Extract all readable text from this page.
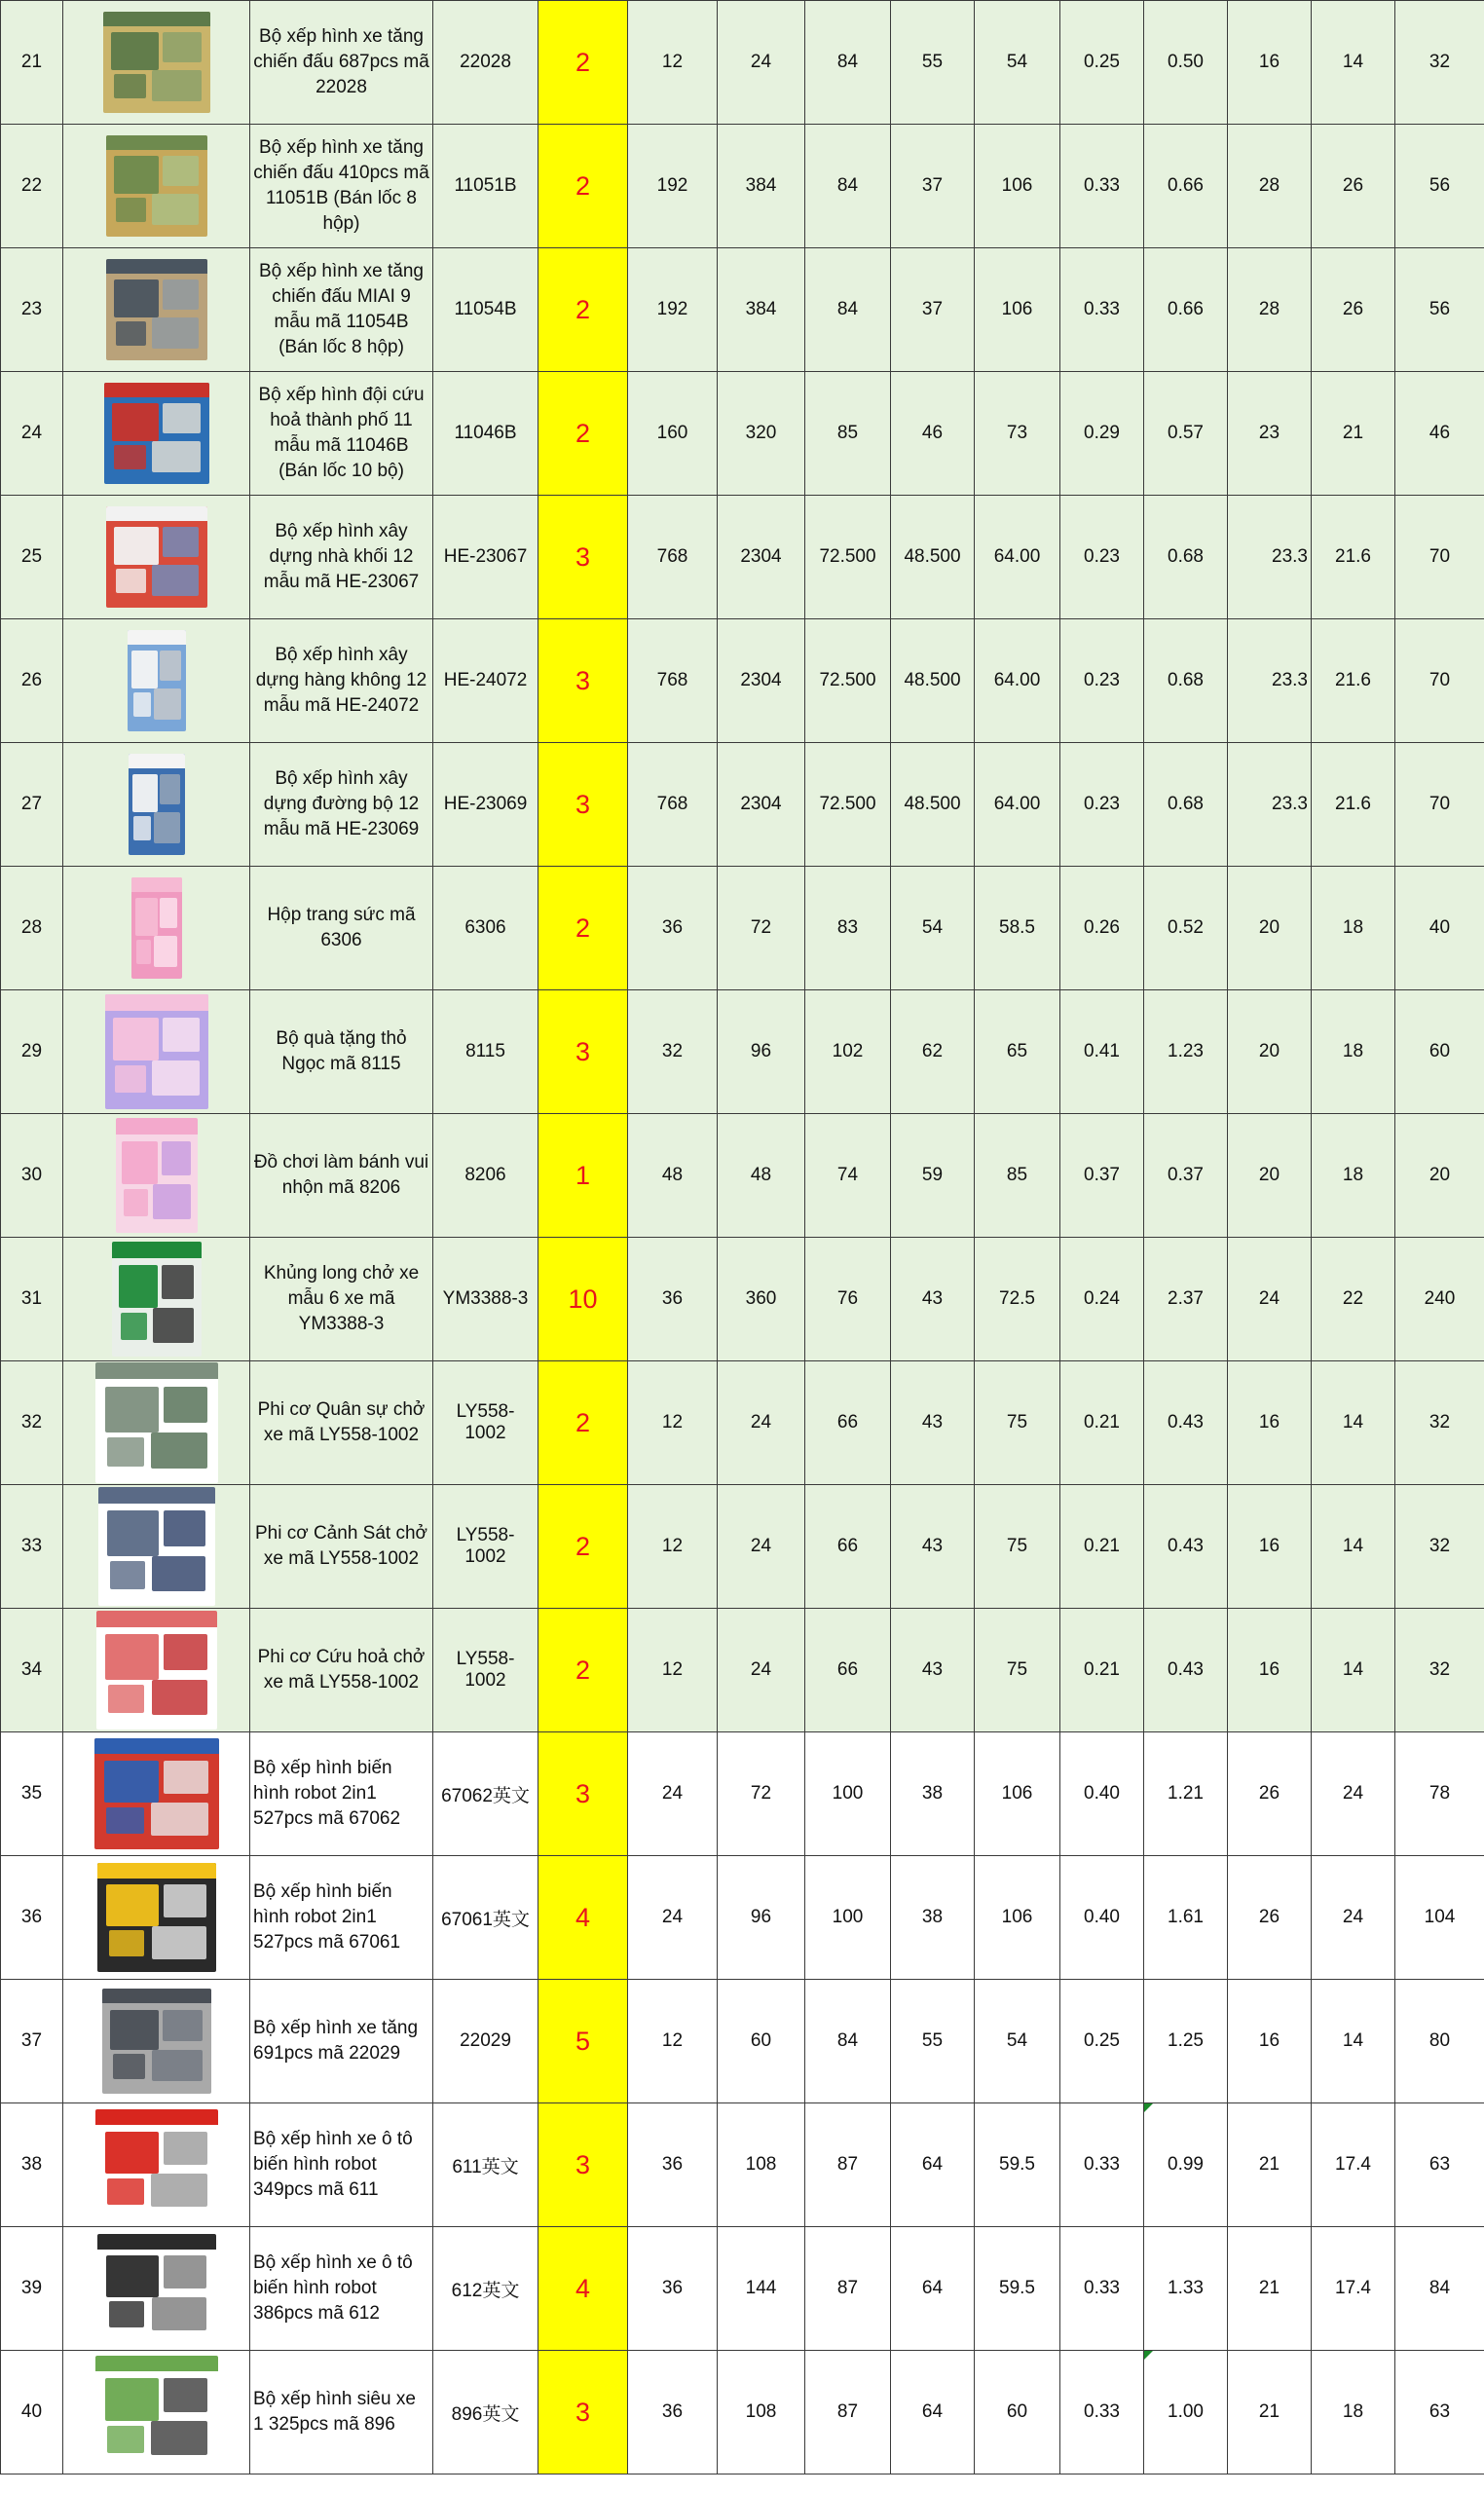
21		Bộ xếp hình xe tăng chiến đấu 687pcs mã 22028	22028	2	12	24	84	55	54	0.25	0.50	16	14	32
22		Bộ xếp hình xe tăng chiến đấu 410pcs mã 11051B (Bán lốc 8 hộp)	11051B	2	192	384	84	37	106	0.33	0.66	28	26	56
23		Bộ xếp hình xe tăng chiến đấu MIAI 9 mẫu mã 11054B (Bán lốc 8 hộp)	11054B	2	192	384	84	37	106	0.33	0.66	28	26	56
24		Bộ xếp hình đội cứu hoả thành phố 11 mẫu mã 11046B (Bán lốc 10 bộ)	11046B	2	160	320	85	46	73	0.29	0.57	23	21	46
25		Bộ xếp hình xây dựng nhà khối 12 mẫu mã HE-23067	HE-23067	3	768	2304	72.500	48.500	64.00	0.23	0.68	23.3	21.6	70
26		Bộ xếp hình xây dựng hàng không 12 mẫu mã HE-24072	HE-24072	3	768	2304	72.500	48.500	64.00	0.23	0.68	23.3	21.6	70
27		Bộ xếp hình xây dựng đường bộ 12 mẫu mã HE-23069	HE-23069	3	768	2304	72.500	48.500	64.00	0.23	0.68	23.3	21.6	70
28		Hộp trang sức mã 6306	6306	2	36	72	83	54	58.5	0.26	0.52	20	18	40
29		Bộ quà tặng thỏ Ngọc mã 8115	8115	3	32	96	102	62	65	0.41	1.23	20	18	60
30		Đồ chơi làm bánh vui nhộn mã 8206	8206	1	48	48	74	59	85	0.37	0.37	20	18	20
31		Khủng long chở xe mẫu 6 xe mã YM3388-3	YM3388-3	10	36	360	76	43	72.5	0.24	2.37	24	22	240
32		Phi cơ Quân sự chở xe mã LY558-1002	LY558-1002	2	12	24	66	43	75	0.21	0.43	16	14	32
33		Phi cơ Cảnh Sát chở xe mã LY558-1002	LY558-1002	2	12	24	66	43	75	0.21	0.43	16	14	32
34		Phi cơ Cứu hoả chở xe mã LY558-1002	LY558-1002	2	12	24	66	43	75	0.21	0.43	16	14	32
35		Bộ xếp hình biến hình robot 2in1 527pcs mã 67062	67062英文	3	24	72	100	38	106	0.40	1.21	26	24	78
36		Bộ xếp hình biến hình robot 2in1 527pcs mã 67061	67061英文	4	24	96	100	38	106	0.40	1.61	26	24	104
37		Bộ xếp hình xe tăng 691pcs mã 22029	22029	5	12	60	84	55	54	0.25	1.25	16	14	80
38		Bộ xếp hình xe ô tô biến hình robot 349pcs mã 611	611英文	3	36	108	87	64	59.5	0.33	0.99	21	17.4	63
39		Bộ xếp hình xe ô tô biến hình robot 386pcs mã 612	612英文	4	36	144	87	64	59.5	0.33	1.33	21	17.4	84
40		Bộ xếp hình siêu xe 1 325pcs mã 896	896英文	3	36	108	87	64	60	0.33	1.00	21	18	63
